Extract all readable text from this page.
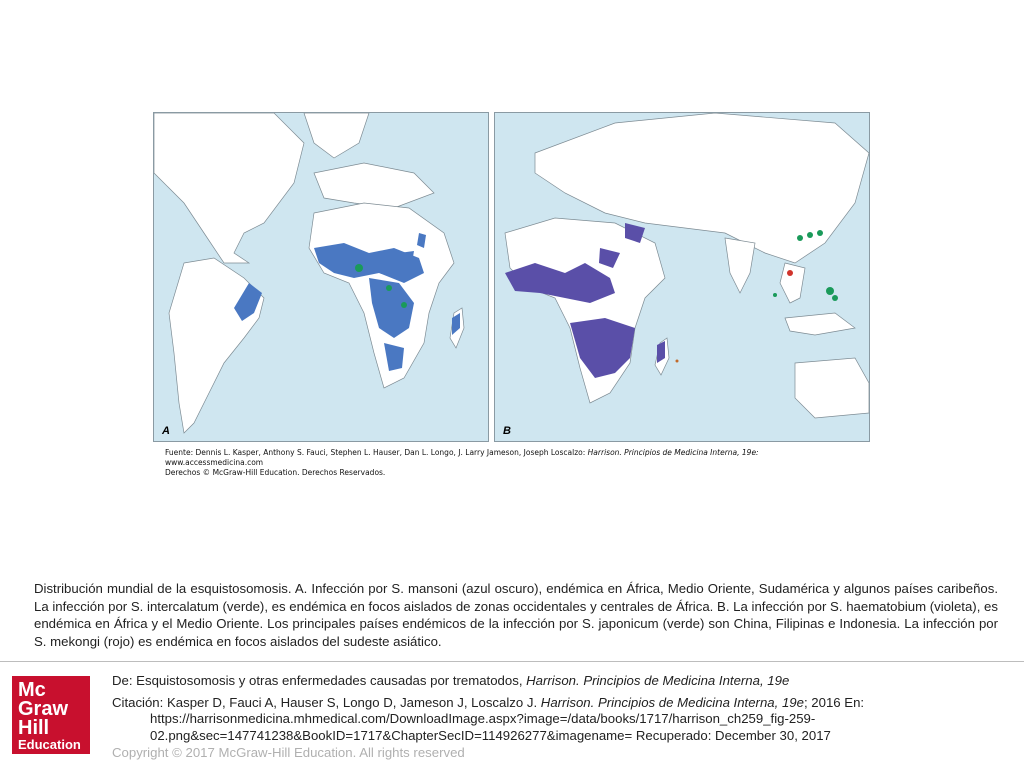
A	B
Fuente: Dennis L. Kasper, Anthony S. Fauci, Stephen L. Hauser, Dan L. Longo, J. Larry Jameson, Joseph Loscalzo: Harrison. Principios de Medicina Interna, 19e:
www.accessmedicina.com
Derechos © McGraw-Hill Education. Derechos Reservados.
Distribución mundial de la esquistosomosis. A. Infección por S. mansoni (azul oscuro), endémica en África, Medio Oriente, Sudamérica y algunos países caribeños. La infección por S. intercalatum (verde), es endémica en focos aislados de zonas occidentales y centrales de África. B. La infección por S. haematobium (violeta), es endémica en África y el Medio Oriente. Los principales países endémicos de la infección por S. japonicum (verde) son China, Filipinas e Indonesia. La infección por S. mekongi (rojo) es endémica en focos aislados del sudeste asiático.
Mc
Graw
Hill
Education
De: Esquistosomosis y otras enfermedades causadas por trematodos, Harrison. Principios de Medicina Interna, 19e
Citación: Kasper D, Fauci A, Hauser S, Longo D, Jameson J, Loscalzo J. Harrison. Principios de Medicina Interna, 19e; 2016 En:
https://harrisonmedicina.mhmedical.com/DownloadImage.aspx?image=/data/books/1717/harrison_ch259_fig-259-
02.png&sec=147741238&BookID=1717&ChapterSecID=114926277&imagename= Recuperado: December 30, 2017
Copyright © 2017 McGraw-Hill Education. All rights reserved
